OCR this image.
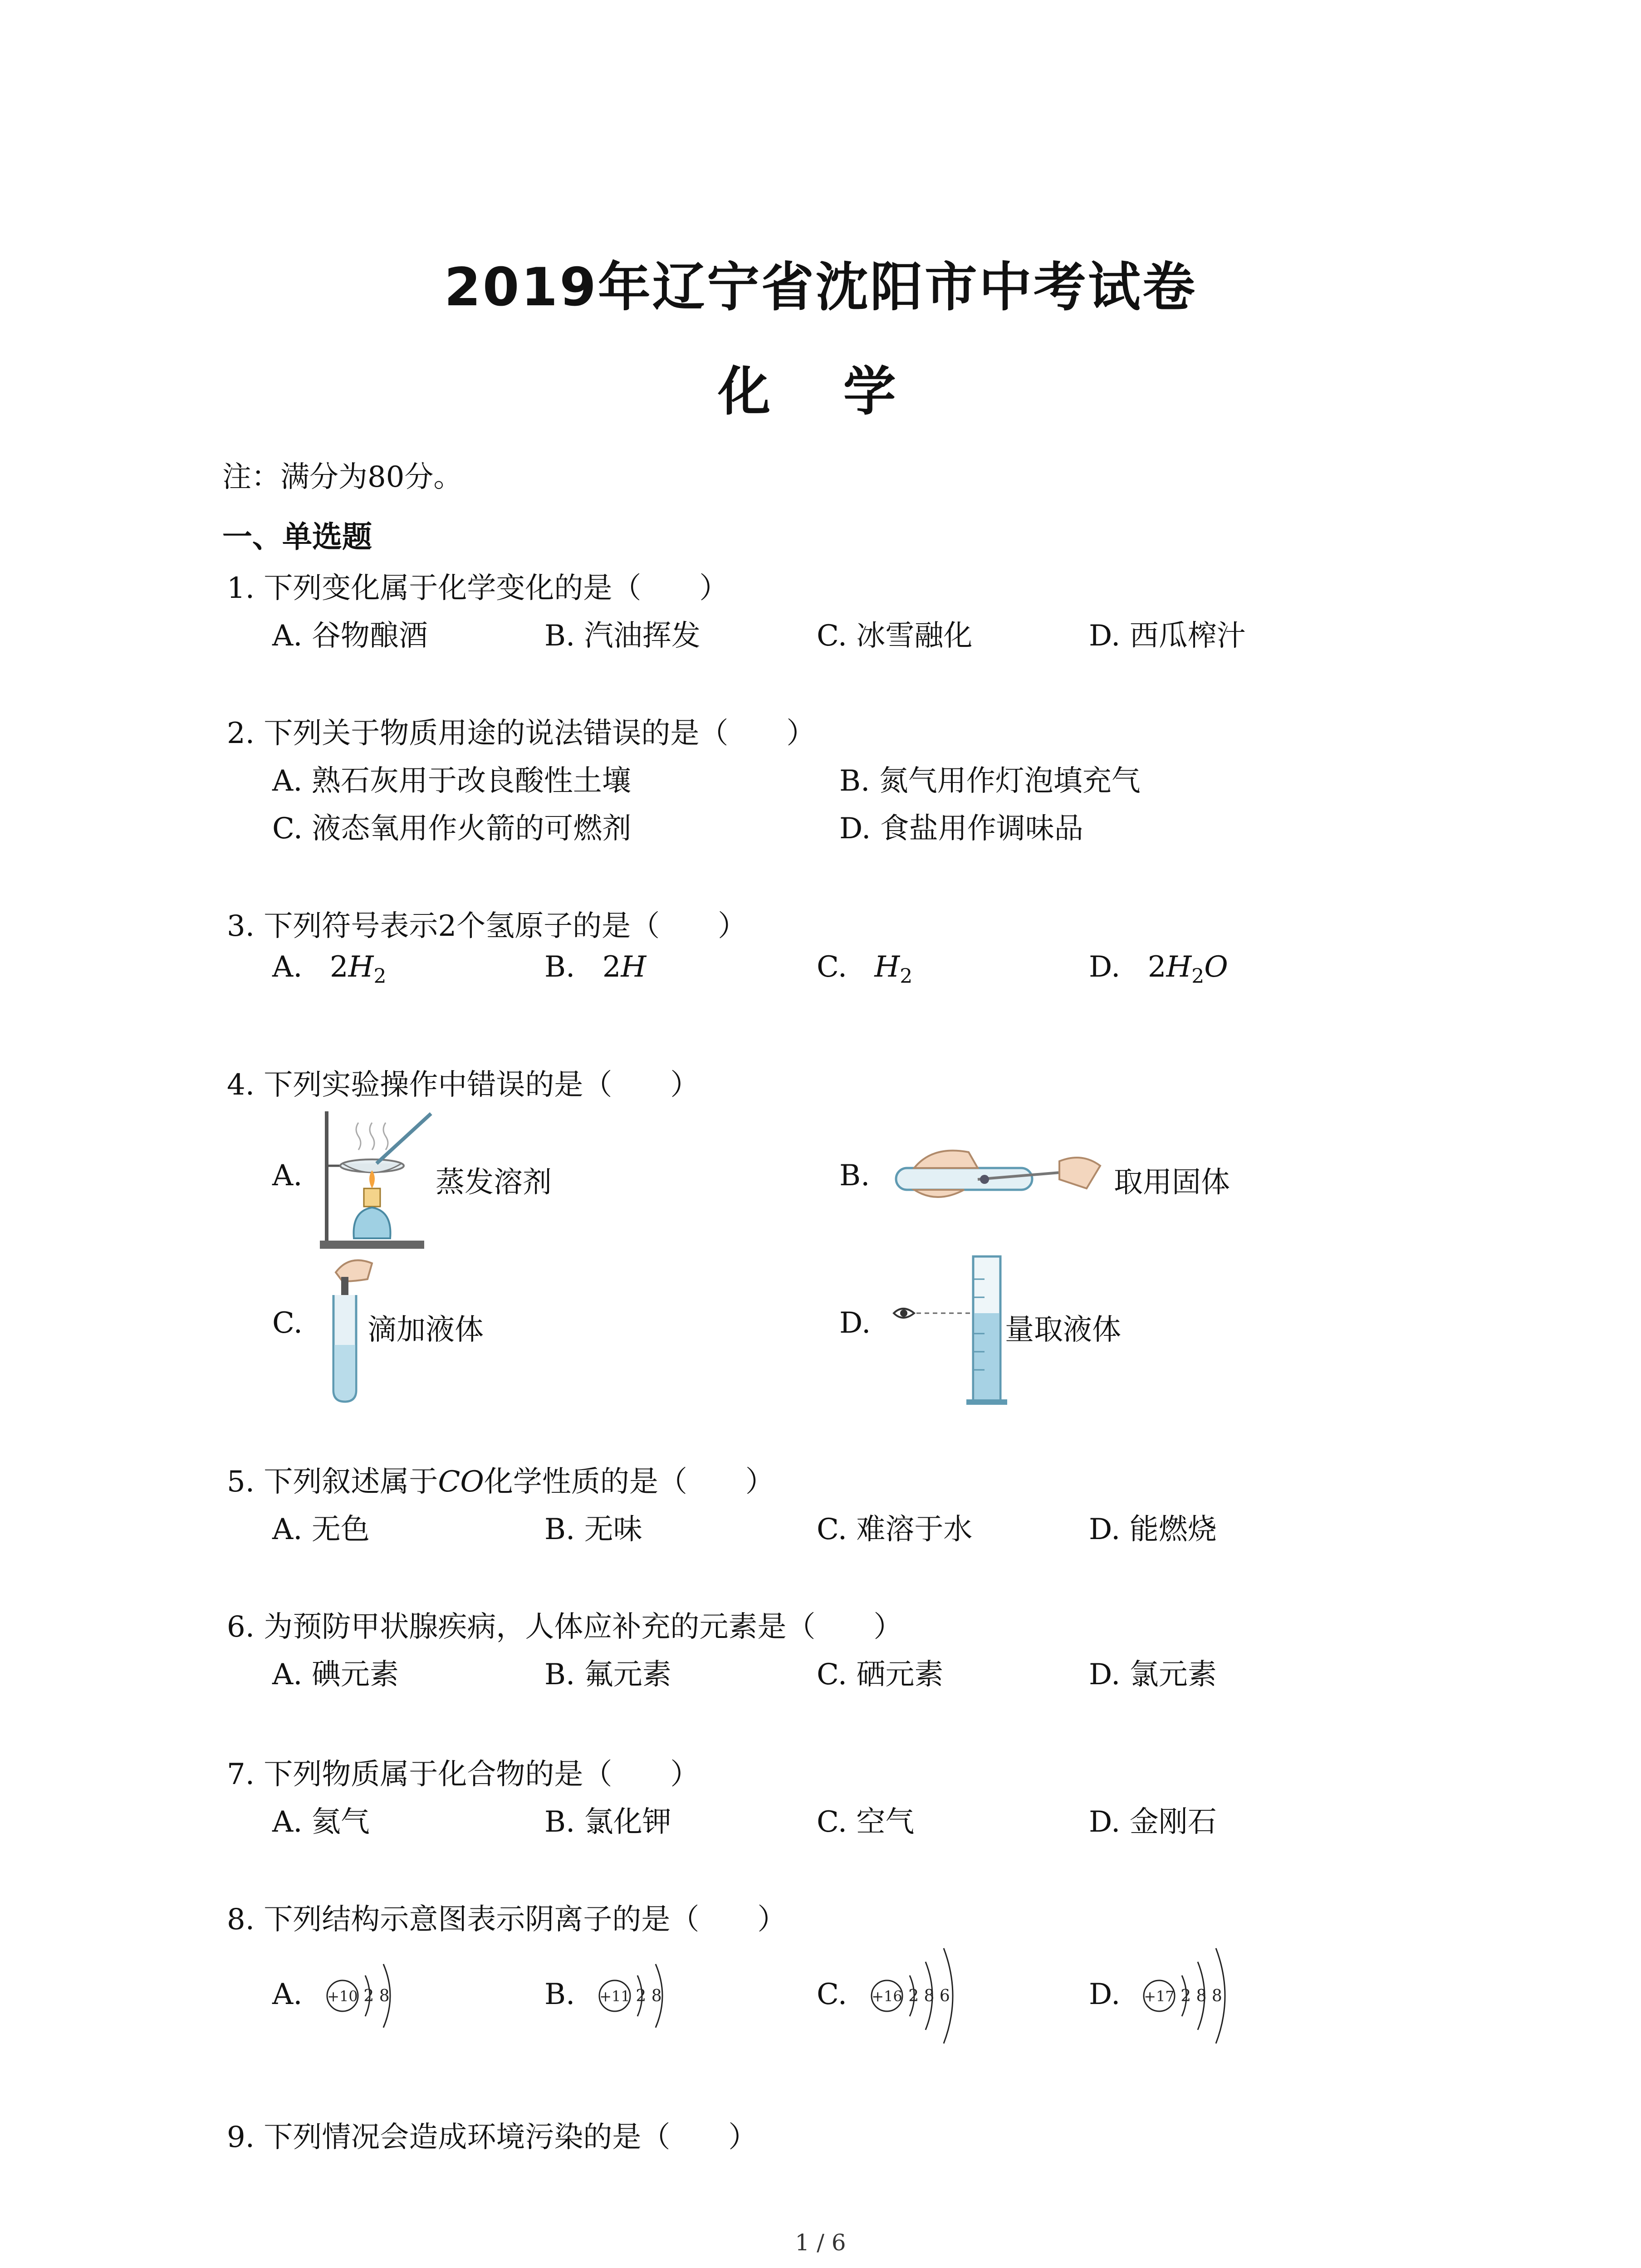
2019年辽宁省沈阳市中考试卷
化 学
注：满分为80分。
一、单选题
1. 下列变化属于化学变化的是（　　）
A. 谷物酿酒	B. 汽油挥发	C. 冰雪融化	D. 西瓜榨汁
2. 下列关于物质用途的说法错误的是（　　）
A. 熟石灰用于改良酸性土壤	B. 氮气用作灯泡填充气
C. 液态氧用作火箭的可燃剂	D. 食盐用作调味品
3. 下列符号表示2个氢原子的是（　　）
A. $2H_2$	B. 2H	C. $H_2$	D. $2H_2O$
4. 下列实验操作中错误的是（　　）
A.	蒸发溶剂	B.	取用固体
C. 滴加液体	D.	量取液体
5. 下列叙述属于CO化学性质的是（　　）
A. 无色	B. 无味	C. 难溶于水	D. 能燃烧
6. 为预防甲状腺疾病，人体应补充的元素是（　　）
A. 碘元素	B. 氟元素	C. 硒元素	D. 氯元素
7. 下列物质属于化合物的是（　　）
A. 氦气	B. 氯化钾	C. 空气	D. 金刚石
8. 下列结构示意图表示阴离子的是（　　）
A. +10 2 8	B. +11 2 8	C. +16 2 8 6	D. +17 2 8 8
9. 下列情况会造成环境污染的是（　　）
1 / 6
